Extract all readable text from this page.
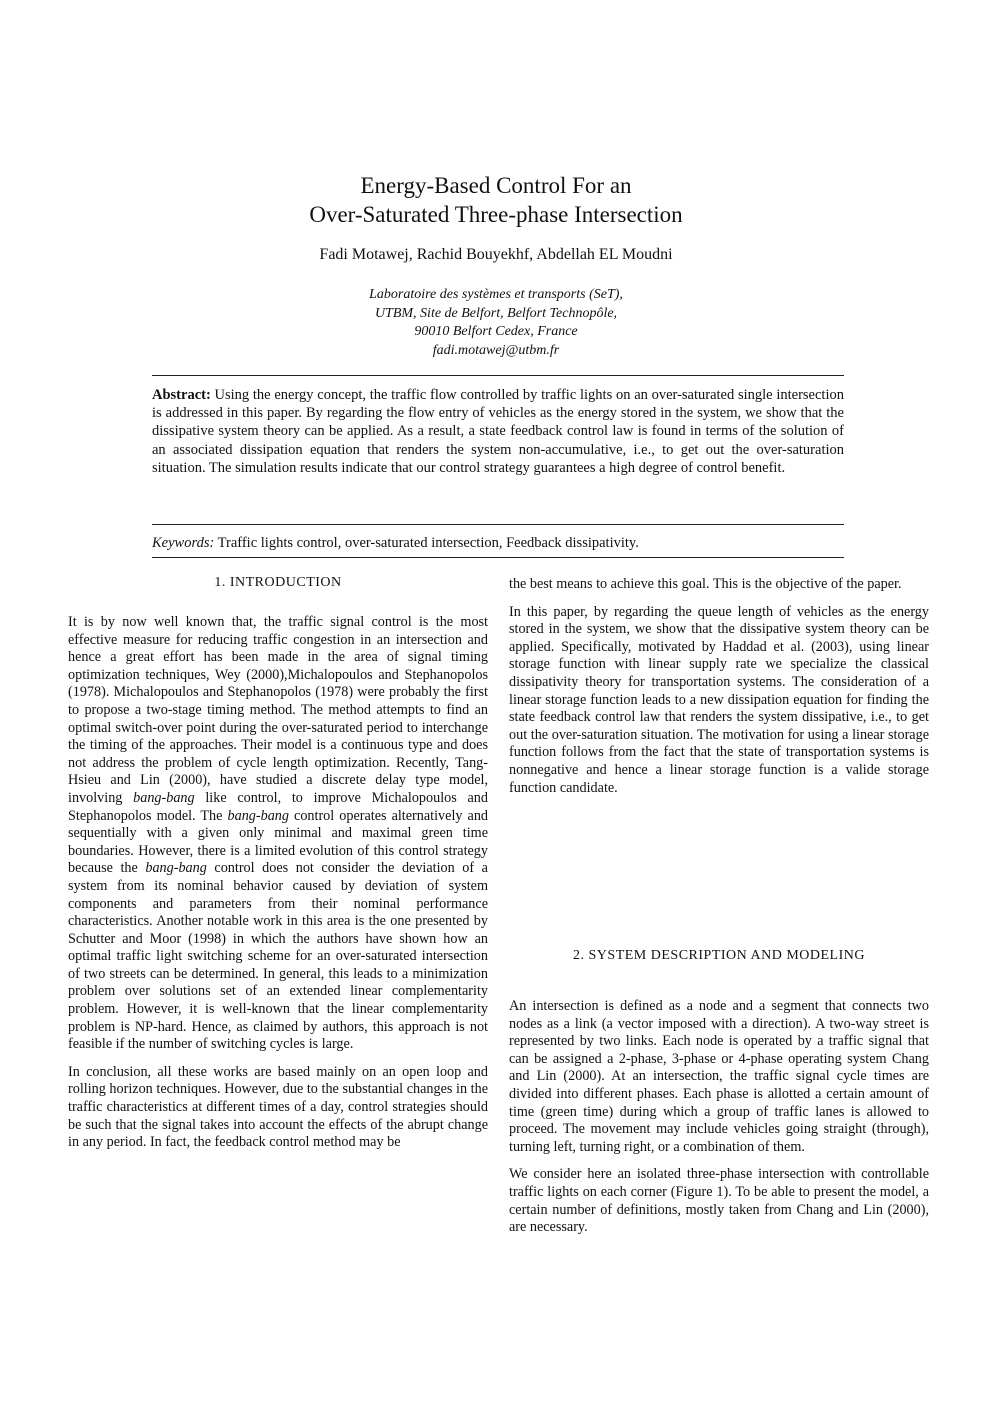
Energy-Based Control For an
Over-Saturated Three-phase Intersection
Fadi Motawej, Rachid Bouyekhf, Abdellah EL Moudni
Laboratoire des systèmes et transports (SeT),
UTBM, Site de Belfort, Belfort Technopôle,
90010 Belfort Cedex, France
fadi.motawej@utbm.fr
Abstract: Using the energy concept, the traffic flow controlled by traffic lights on an over-saturated single intersection is addressed in this paper. By regarding the flow entry of vehicles as the energy stored in the system, we show that the dissipative system theory can be applied. As a result, a state feedback control law is found in terms of the solution of an associated dissipation equation that renders the system non-accumulative, i.e., to get out the over-saturation situation. The simulation results indicate that our control strategy guarantees a high degree of control benefit.
Keywords: Traffic lights control, over-saturated intersection, Feedback dissipativity.
1. INTRODUCTION

It is by now well known that, the traffic signal control is the most effective measure for reducing traffic congestion in an intersection and hence a great effort has been made in the area of signal timing optimization techniques, Wey (2000),Michalopoulos and Stephanopolos (1978). Michalopoulos and Stephanopolos (1978) were probably the first to propose a two-stage timing method. The method attempts to find an optimal switch-over point during the over-saturated period to interchange the timing of the approaches. Their model is a continuous type and does not address the problem of cycle length optimization. Recently, Tang-Hsieu and Lin (2000), have studied a discrete delay type model, involving bang-bang like control, to improve Michalopoulos and Stephanopolos model. The bang-bang control operates alternatively and sequentially with a given only minimal and maximal green time boundaries. However, there is a limited evolution of this control strategy because the bang-bang control does not consider the deviation of a system from its nominal behavior caused by deviation of system components and parameters from their nominal performance characteristics. Another notable work in this area is the one presented by Schutter and Moor (1998) in which the authors have shown how an optimal traffic light switching scheme for an over-saturated intersection of two streets can be determined. In general, this leads to a minimization problem over solutions set of an extended linear complementarity problem. However, it is well-known that the linear complementarity problem is NP-hard. Hence, as claimed by authors, this approach is not feasible if the number of switching cycles is large.

In conclusion, all these works are based mainly on an open loop and rolling horizon techniques. However, due to the substantial changes in the traffic characteristics at different times of a day, control strategies should be such that the signal takes into account the effects of the abrupt change in any period. In fact, the feedback control method may be

the best means to achieve this goal. This is the objective of the paper.

In this paper, by regarding the queue length of vehicles as the energy stored in the system, we show that the dissipative system theory can be applied. Specifically, motivated by Haddad et al. (2003), using linear storage function with linear supply rate we specialize the classical dissipativity theory for transportation systems. The consideration of a linear storage function leads to a new dissipation equation for finding the state feedback control law that renders the system dissipative, i.e., to get out the over-saturation situation. The motivation for using a linear storage function follows from the fact that the state of transportation systems is nonnegative and hence a linear storage function is a valide storage function candidate.

2. SYSTEM DESCRIPTION AND MODELING

An intersection is defined as a node and a segment that connects two nodes as a link (a vector imposed with a direction). A two-way street is represented by two links. Each node is operated by a traffic signal that can be assigned a 2-phase, 3-phase or 4-phase operating system Chang and Lin (2000). At an intersection, the traffic signal cycle times are divided into different phases. Each phase is allotted a certain amount of time (green time) during which a group of traffic lanes is allowed to proceed. The movement may include vehicles going straight (through), turning left, turning right, or a combination of them.

We consider here an isolated three-phase intersection with controllable traffic lights on each corner (Figure 1). To be able to present the model, a certain number of definitions, mostly taken from Chang and Lin (2000), are necessary.
